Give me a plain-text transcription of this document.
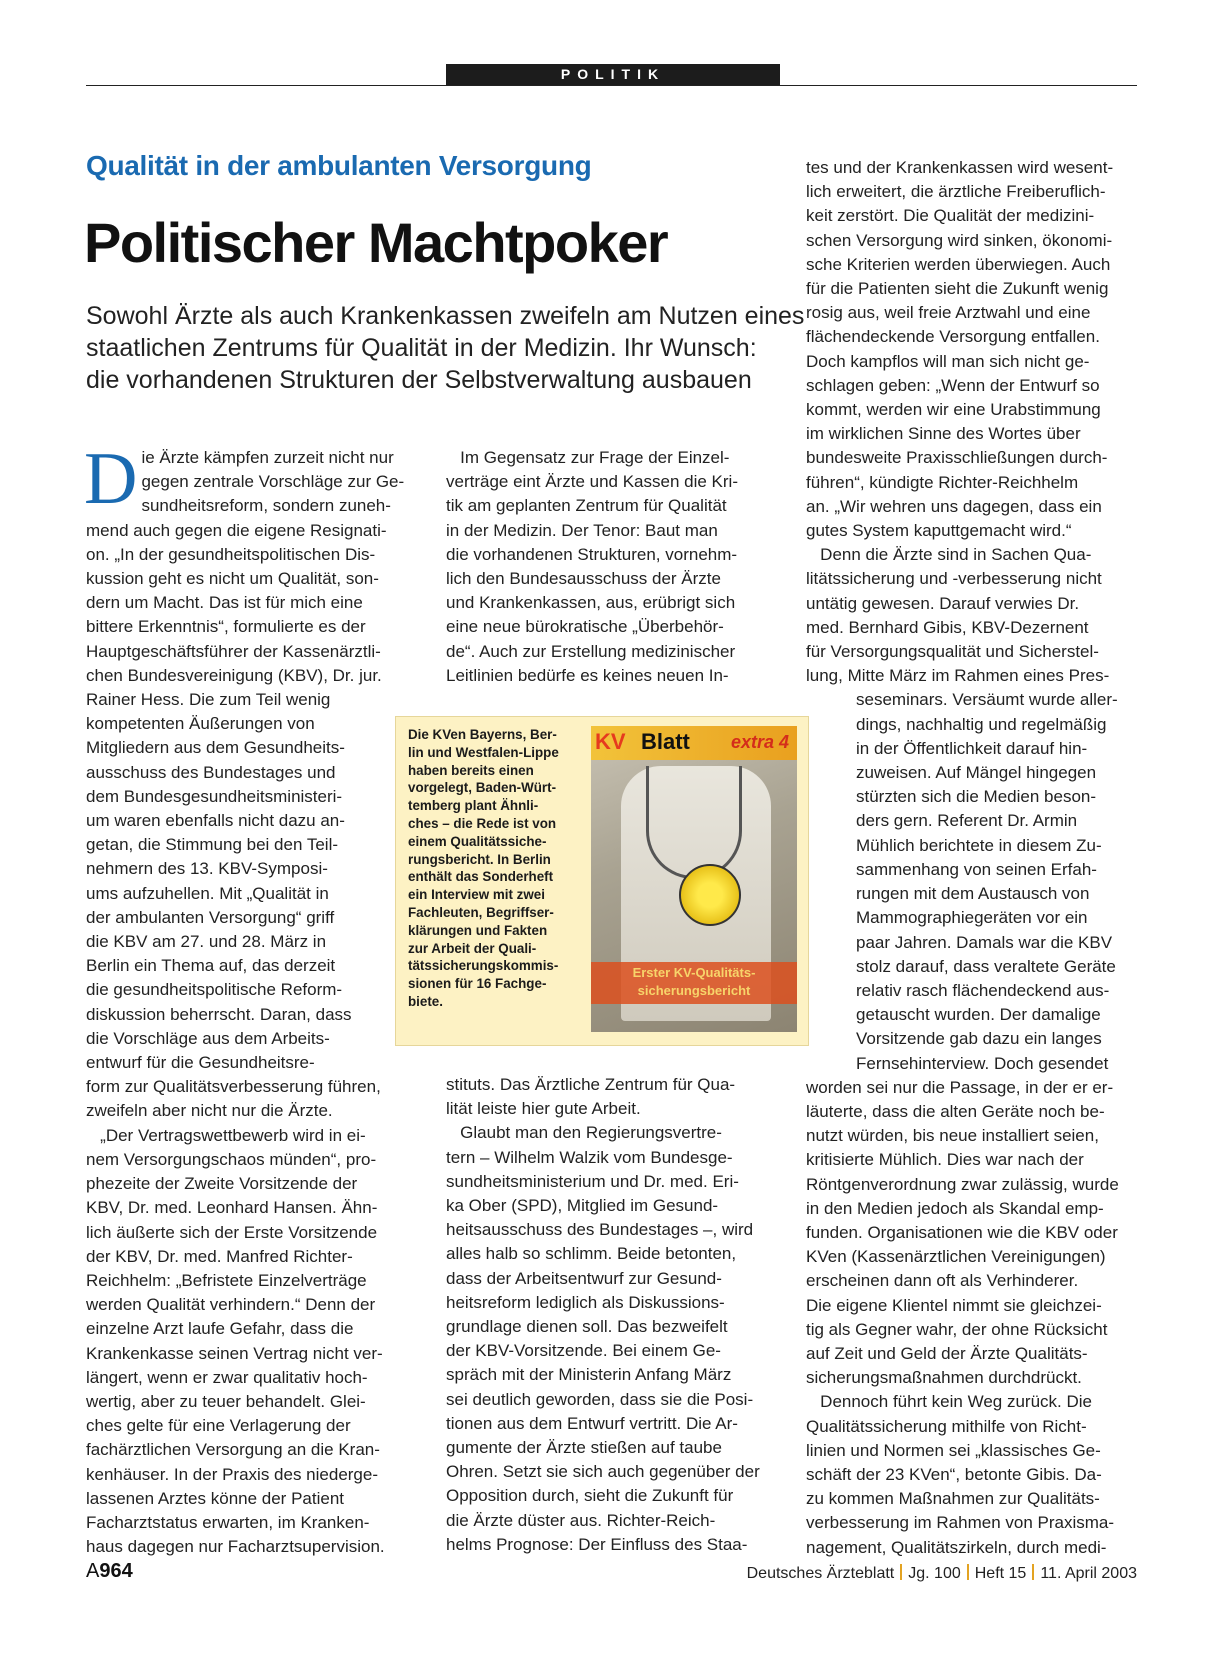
POLITIK
Qualität in der ambulanten Versorgung
Politischer Machtpoker
Sowohl Ärzte als auch Krankenkassen zweifeln am Nutzen eines
staatlichen Zentrums für Qualität in der Medizin. Ihr Wunsch:
die vorhandenen Strukturen der Selbstverwaltung ausbauen
D ie Ärzte kämpfen zurzeit nicht nur
gegen zentrale Vorschläge zur Ge-
sundheitsreform, sondern zuneh-
mend auch gegen die eigene Resignati-
on. „In der gesundheitspolitischen Dis-
kussion geht es nicht um Qualität, son-
dern um Macht. Das ist für mich eine
bittere Erkenntnis“, formulierte es der
Hauptgeschäftsführer der Kassenärztli-
chen Bundesvereinigung (KBV), Dr. jur.
Rainer Hess. Die zum Teil wenig
kompetenten Äußerungen von
Mitgliedern aus dem Gesundheits-
ausschuss des Bundestages und
dem Bundesgesundheitsministeri-
um waren ebenfalls nicht dazu an-
getan, die Stimmung bei den Teil-
nehmern des 13. KBV-Symposi-
ums aufzuhellen. Mit „Qualität in
der ambulanten Versorgung“ griff
die KBV am 27. und 28. März in
Berlin ein Thema auf, das derzeit
die gesundheitspolitische Reform-
diskussion beherrscht. Daran, dass
die Vorschläge aus dem Arbeits-
entwurf für die Gesundheitsre-
form zur Qualitätsverbesserung führen,
zweifeln aber nicht nur die Ärzte.
„Der Vertragswettbewerb wird in ei-
nem Versorgungschaos münden“, pro-
phezeite der Zweite Vorsitzende der
KBV, Dr. med. Leonhard Hansen. Ähn-
lich äußerte sich der Erste Vorsitzende
der KBV, Dr. med. Manfred Richter-
Reichhelm: „Befristete Einzelverträge
werden Qualität verhindern.“ Denn der
einzelne Arzt laufe Gefahr, dass die
Krankenkasse seinen Vertrag nicht ver-
längert, wenn er zwar qualitativ hoch-
wertig, aber zu teuer behandelt. Glei-
ches gelte für eine Verlagerung der
fachärztlichen Versorgung an die Kran-
kenhäuser. In der Praxis des niederge-
lassenen Arztes könne der Patient
Facharztstatus erwarten, im Kranken-
haus dagegen nur Facharztsupervision.
Im Gegensatz zur Frage der Einzel-
verträge eint Ärzte und Kassen die Kri-
tik am geplanten Zentrum für Qualität
in der Medizin. Der Tenor: Baut man
die vorhandenen Strukturen, vornehm-
lich den Bundesausschuss der Ärzte
und Krankenkassen, aus, erübrigt sich
eine neue bürokratische „Überbehör-
de“. Auch zur Erstellung medizinischer
Leitlinien bedürfe es keines neuen In-
stituts. Das Ärztliche Zentrum für Qua-
lität leiste hier gute Arbeit.
Glaubt man den Regierungsvertre-
tern – Wilhelm Walzik vom Bundesge-
sundheitsministerium und Dr. med. Eri-
ka Ober (SPD), Mitglied im Gesund-
heitsausschuss des Bundestages –, wird
alles halb so schlimm. Beide betonten,
dass der Arbeitsentwurf zur Gesund-
heitsreform lediglich als Diskussions-
grundlage dienen soll. Das bezweifelt
der KBV-Vorsitzende. Bei einem Ge-
spräch mit der Ministerin Anfang März
sei deutlich geworden, dass sie die Posi-
tionen aus dem Entwurf vertritt. Die Ar-
gumente der Ärzte stießen auf taube
Ohren. Setzt sie sich auch gegenüber der
Opposition durch, sieht die Zukunft für
die Ärzte düster aus. Richter-Reich-
helms Prognose: Der Einfluss des Staa-
tes und der Krankenkassen wird wesent-
lich erweitert, die ärztliche Freiberuflich-
keit zerstört. Die Qualität der medizini-
schen Versorgung wird sinken, ökonomi-
sche Kriterien werden überwiegen. Auch
für die Patienten sieht die Zukunft wenig
rosig aus, weil freie Arztwahl und eine
flächendeckende Versorgung entfallen.
Doch kampflos will man sich nicht ge-
schlagen geben: „Wenn der Entwurf so
kommt, werden wir eine Urabstimmung
im wirklichen Sinne des Wortes über
bundesweite Praxisschließungen durch-
führen“, kündigte Richter-Reichhelm
an. „Wir wehren uns dagegen, dass ein
gutes System kaputtgemacht wird.“
Denn die Ärzte sind in Sachen Qua-
litätssicherung und -verbesserung nicht
untätig gewesen. Darauf verwies Dr.
med. Bernhard Gibis, KBV-Dezernent
für Versorgungsqualität und Sicherstel-
lung, Mitte März im Rahmen eines Pres-
seseminars. Versäumt wurde aller-
dings, nachhaltig und regelmäßig
in der Öffentlichkeit darauf hin-
zuweisen. Auf Mängel hingegen
stürzten sich die Medien beson-
ders gern. Referent Dr. Armin
Mühlich berichtete in diesem Zu-
sammenhang von seinen Erfah-
rungen mit dem Austausch von
Mammographiegeräten vor ein
paar Jahren. Damals war die KBV
stolz darauf, dass veraltete Geräte
relativ rasch flächendeckend aus-
getauscht wurden. Der damalige
Vorsitzende gab dazu ein langes
Fernsehinterview. Doch gesendet
worden sei nur die Passage, in der er er-
läuterte, dass die alten Geräte noch be-
nutzt würden, bis neue installiert seien,
kritisierte Mühlich. Dies war nach der
Röntgenverordnung zwar zulässig, wurde
in den Medien jedoch als Skandal emp-
funden. Organisationen wie die KBV oder
KVen (Kassenärztlichen Vereinigungen)
erscheinen dann oft als Verhinderer.
Die eigene Klientel nimmt sie gleichzei-
tig als Gegner wahr, der ohne Rücksicht
auf Zeit und Geld der Ärzte Qualitäts-
sicherungsmaßnahmen durchdrückt.
Dennoch führt kein Weg zurück. Die
Qualitätssicherung mithilfe von Richt-
linien und Normen sei „klassisches Ge-
schäft der 23 KVen“, betonte Gibis. Da-
zu kommen Maßnahmen zur Qualitäts-
verbesserung im Rahmen von Praxisma-
nagement, Qualitätszirkeln, durch medi-
Die KVen Bayerns, Ber-
lin und Westfalen-Lippe
haben bereits einen
vorgelegt, Baden-Würt-
temberg plant Ähnli-
ches – die Rede ist von
einem Qualitätssiche-
rungsbericht. In Berlin
enthält das Sonderheft
ein Interview mit zwei
Fachleuten, Begriffser-
klärungen und Fakten
zur Arbeit der Quali-
tätssicherungskommis-
sionen für 16 Fachge-
biete.
KV Blatt extra 4
Erster KV-Qualitäts-
sicherungsbericht
A964	Deutsches Ärzteblatt Jg. 100 Heft 15 11. April 2003
